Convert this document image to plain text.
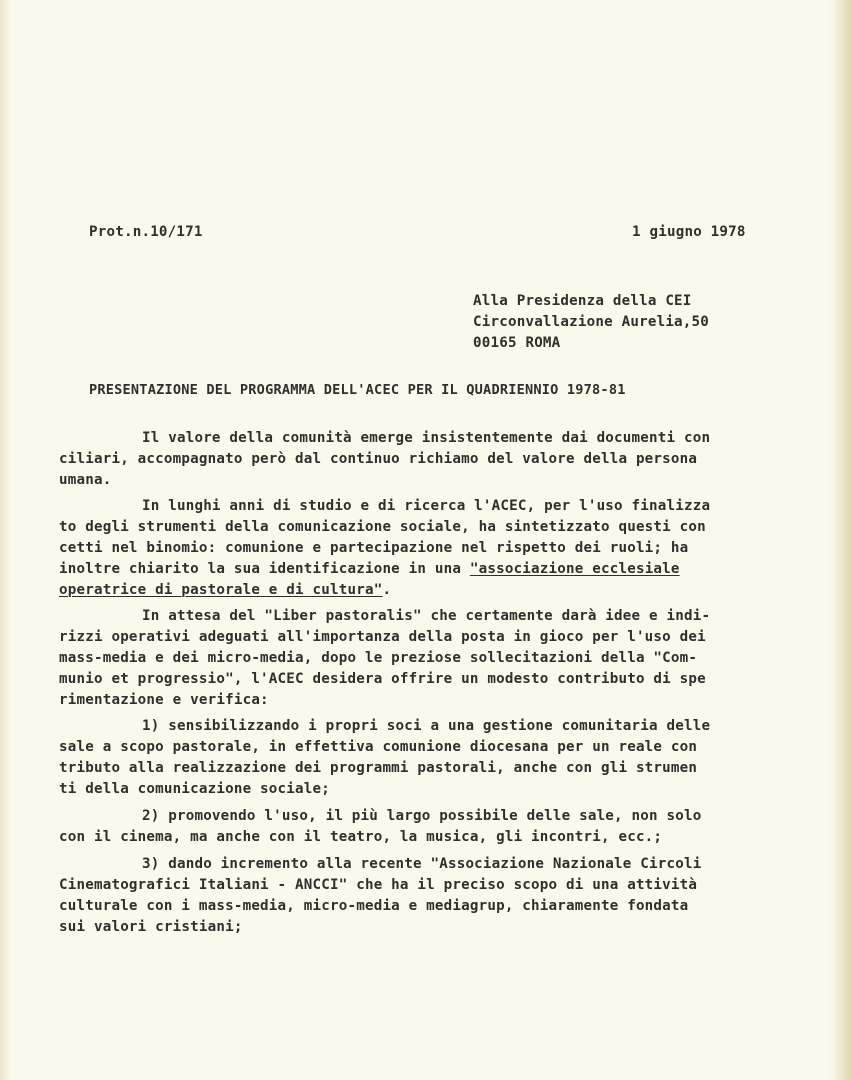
Prot.n.10/171	1 giugno 1978
Alla Presidenza della CEI
Circonvallazione Aurelia,50
00165 ROMA
PRESENTAZIONE DEL PROGRAMMA DELL'ACEC PER IL QUADRIENNIO 1978-81
Il valore della comunità emerge insistentemente dai documenti con
ciliari, accompagnato però dal continuo richiamo del valore della persona
umana.
In lunghi anni di studio e di ricerca l'ACEC, per l'uso finalizza
to degli strumenti della comunicazione sociale, ha sintetizzato questi con
cetti nel binomio: comunione e partecipazione nel rispetto dei ruoli; ha
inoltre chiarito la sua identificazione in una "associazione ecclesiale
operatrice di pastorale e di cultura".
In attesa del "Liber pastoralis" che certamente darà idee e indi-
rizzi operativi adeguati all'importanza della posta in gioco per l'uso dei
mass-media e dei micro-media, dopo le preziose sollecitazioni della "Com-
munio et progressio", l'ACEC desidera offrire un modesto contributo di spe
rimentazione e verifica:
1) sensibilizzando i propri soci a una gestione comunitaria delle
sale a scopo pastorale, in effettiva comunione diocesana per un reale con
tributo alla realizzazione dei programmi pastorali, anche con gli strumen
ti della comunicazione sociale;
2) promovendo l'uso, il più largo possibile delle sale, non solo
con il cinema, ma anche con il teatro, la musica, gli incontri, ecc.;
3) dando incremento alla recente "Associazione Nazionale Circoli
Cinematografici Italiani - ANCCI" che ha il preciso scopo di una attività
culturale con i mass-media, micro-media e mediagrup, chiaramente fondata
sui valori cristiani;
